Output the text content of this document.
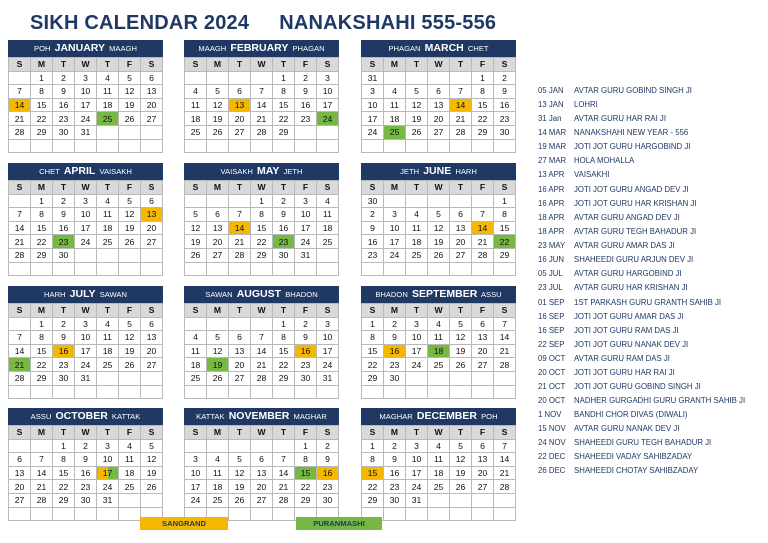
SIKH CALENDAR 2024 NANAKSHAHI 555-556
POH JANUARY MAAGH
S	M	T	W	T	F	S
	1	2	3	4	5	6
7	8	9	10	11	12	13
14	15	16	17	18	19	20
21	22	23	24	25	26	27
28	29	30	31			

MAAGH FEBRUARY PHAGAN
S	M	T	W	T	F	S
				1	2	3
4	5	6	7	8	9	10
11	12	13	14	15	16	17
18	19	20	21	22	23	24
25	26	27	28	29		

PHAGAN MARCH CHET
S	M	T	W	T	F	S
31					1	2
3	4	5	6	7	8	9
10	11	12	13	14	15	16
17	18	19	20	21	22	23
24	25	26	27	28	29	30

CHET APRIL VAISAKH
S	M	T	W	T	F	S
	1	2	3	4	5	6
7	8	9	10	11	12	13
14	15	16	17	18	19	20
21	22	23	24	25	26	27
28	29	30				

VAISAKH MAY JETH
S	M	T	W	T	F	S
			1	2	3	4
5	6	7	8	9	10	11
12	13	14	15	16	17	18
19	20	21	22	23	24	25
26	27	28	29	30	31	

JETH JUNE HARH
S	M	T	W	T	F	S
30						1
2	3	4	5	6	7	8
9	10	11	12	13	14	15
16	17	18	19	20	21	22
23	24	25	26	27	28	29

HARH JULY SAWAN
S	M	T	W	T	F	S
	1	2	3	4	5	6
7	8	9	10	11	12	13
14	15	16	17	18	19	20
21	22	23	24	25	26	27
28	29	30	31			

SAWAN AUGUST BHADON
S	M	T	W	T	F	S
				1	2	3
4	5	6	7	8	9	10
11	12	13	14	15	16	17
18	19	20	21	22	23	24
25	26	27	28	29	30	31

BHADON SEPTEMBER ASSU
S	M	T	W	T	F	S
1	2	3	4	5	6	7
8	9	10	11	12	13	14
15	16	17	18	19	20	21
22	23	24	25	26	27	28
29	30					

ASSU OCTOBER KATTAK
S	M	T	W	T	F	S
		1	2	3	4	5
6	7	8	9	10	11	12
13	14	15	16	17	18	19
20	21	22	23	24	25	26
27	28	29	30	31		

KATTAK NOVEMBER MAGHAR
S	M	T	W	T	F	S
					1	2
3	4	5	6	7	8	9
10	11	12	13	14	15	16
17	18	19	20	21	22	23
24	25	26	27	28	29	30

MAGHAR DECEMBER POH
S	M	T	W	T	F	S
1	2	3	4	5	6	7
8	9	10	11	12	13	14
15	16	17	18	19	20	21
22	23	24	25	26	27	28
29	30	31				

05 JAN AVTAR GURU GOBIND SINGH JI
13 JAN LOHRI
31 Jan AVTAR GURU HAR RAI JI
14 MAR NANAKSHAHI NEW YEAR - 556
19 MAR JOTI JOT GURU HARGOBIND JI
27 MAR HOLA MOHALLA
13 APR VAISAKHI
16 APR JOTI JOT GURU ANGAD DEV JI
16 APR JOTI JOT GURU HAR KRISHAN JI
18 APR AVTAR GURU ANGAD DEV JI
18 APR AVTAR GURU TEGH BAHADUR JI
23 MAY AVTAR GURU AMAR DAS JI
16 JUN SHAHEEDI GURU ARJUN DEV JI
05 JUL AVTAR GURU HARGOBIND JI
23 JUL AVTAR GURU HAR KRISHAN JI
01 SEP 1ST PARKASH GURU GRANTH SAHIB JI
16 SEP JOTI JOT GURU AMAR DAS JI
16 SEP JOTI JOT GURU RAM DAS JI
22 SEP JOTI JOT GURU NANAK DEV JI
09 OCT AVTAR GURU RAM DAS JI
20 OCT JOTI JOT GURU HAR RAI JI
21 OCT JOTI JOT GURU GOBIND SINGH JI
20 OCT NADHER GURGADHI GURU GRANTH SAHIB JI
1 NOV BANDHI CHOR DIVAS (DIWALI)
15 NOV AVTAR GURU NANAK DEV JI
24 NOV SHAHEEDI GURU TEGH BAHADUR JI
22 DEC SHAHEEDI VADAY SAHIBZADAY
26 DEC SHAHEEDI CHOTAY SAHIBZADAY
SANGRAND	PURANMASHI
